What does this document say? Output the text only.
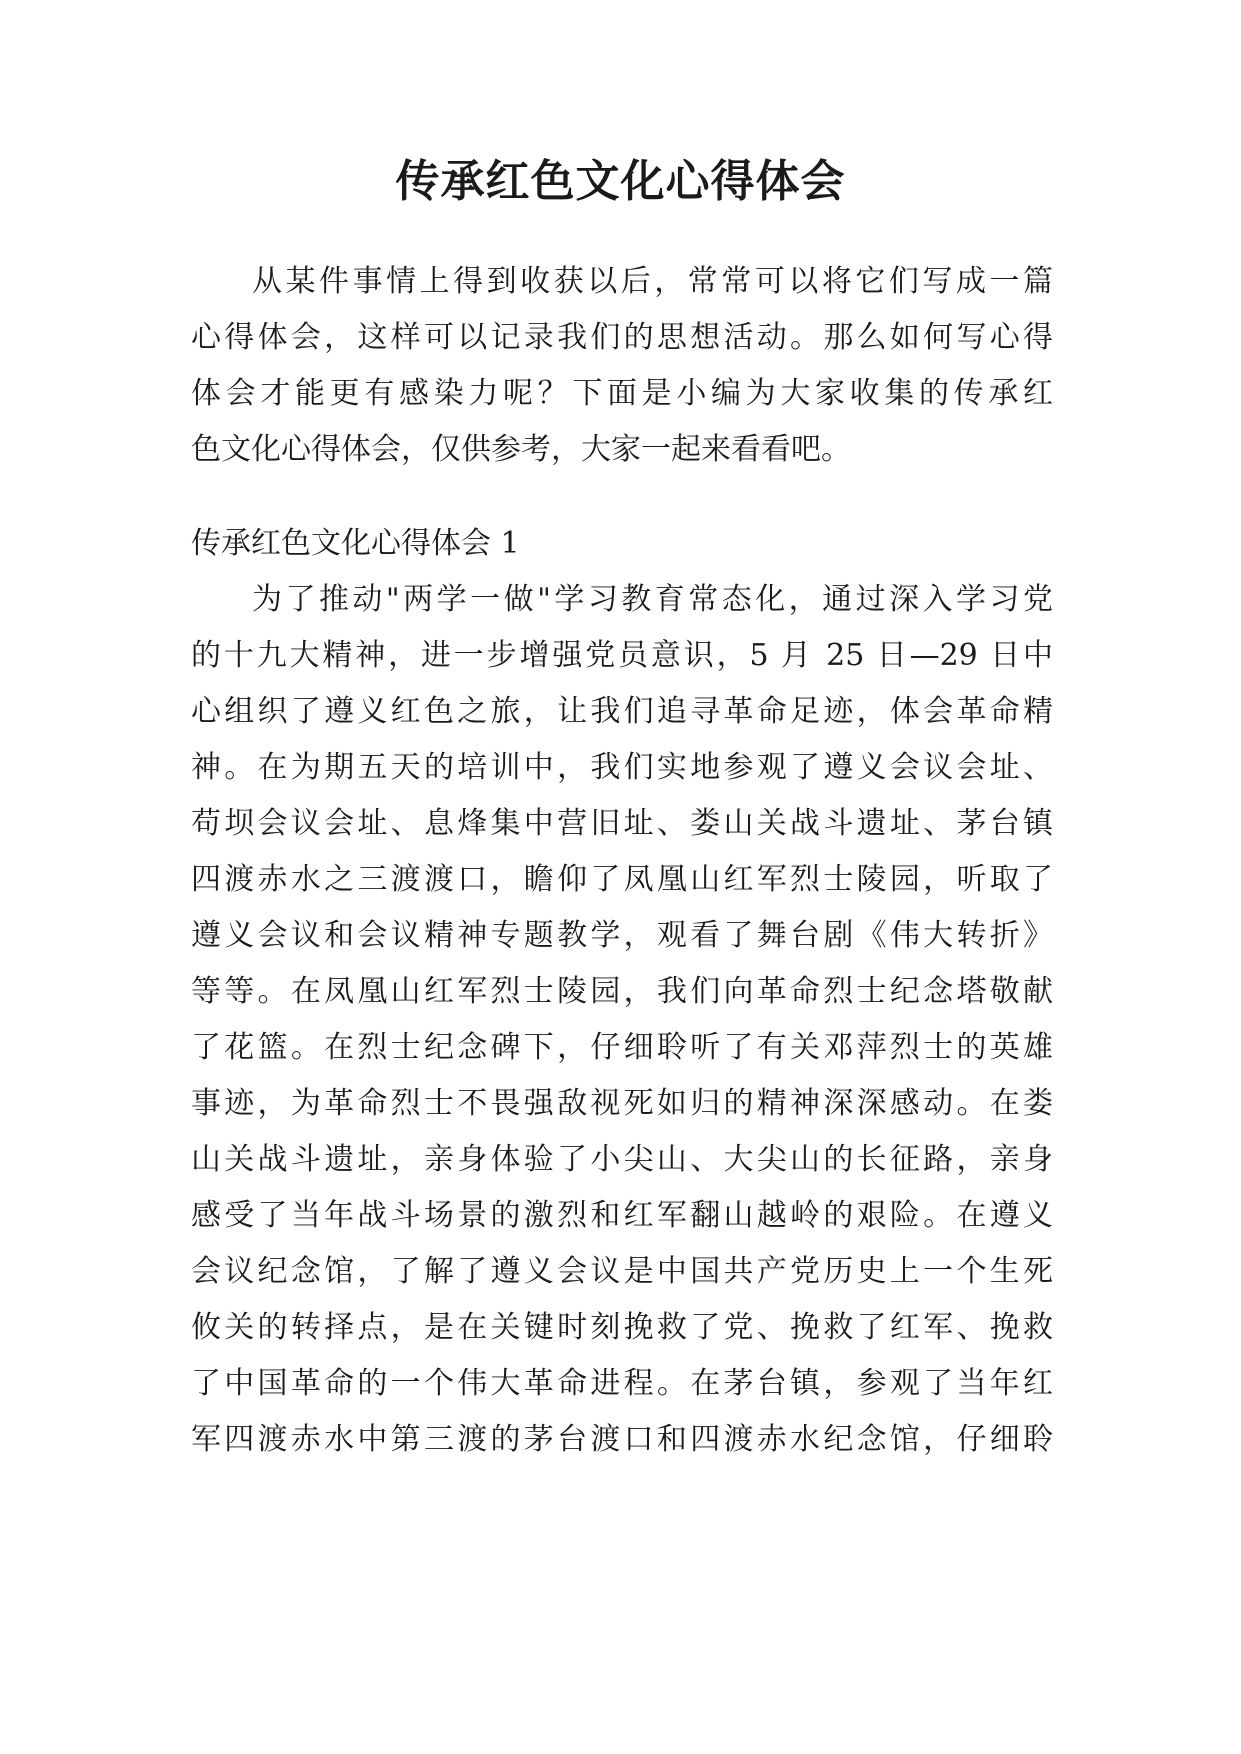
传承红色文化心得体会

从某件事情上得到收获以后，常常可以将它们写成一篇

心得体会，这样可以记录我们的思想活动。那么如何写心得

体会才能更有感染力呢？下面是小编为大家收集的传承红

色文化心得体会，仅供参考，大家一起来看看吧。

传承红色文化心得体会 1

为了推动"两学一做"学习教育常态化，通过深入学习党

的十九大精神，进一步增强党员意识，5 月 25 日—29 日中

心组织了遵义红色之旅，让我们追寻革命足迹，体会革命精

神。在为期五天的培训中，我们实地参观了遵义会议会址、

苟坝会议会址、息烽集中营旧址、娄山关战斗遗址、茅台镇

四渡赤水之三渡渡口，瞻仰了凤凰山红军烈士陵园，听取了

遵义会议和会议精神专题教学，观看了舞台剧《伟大转折》

等等。在凤凰山红军烈士陵园，我们向革命烈士纪念塔敬献

了花篮。在烈士纪念碑下，仔细聆听了有关邓萍烈士的英雄

事迹，为革命烈士不畏强敌视死如归的精神深深感动。在娄

山关战斗遗址，亲身体验了小尖山、大尖山的长征路，亲身

感受了当年战斗场景的激烈和红军翻山越岭的艰险。在遵义

会议纪念馆，了解了遵义会议是中国共产党历史上一个生死

攸关的转择点，是在关键时刻挽救了党、挽救了红军、挽救

了中国革命的一个伟大革命进程。在茅台镇，参观了当年红

军四渡赤水中第三渡的茅台渡口和四渡赤水纪念馆，仔细聆
